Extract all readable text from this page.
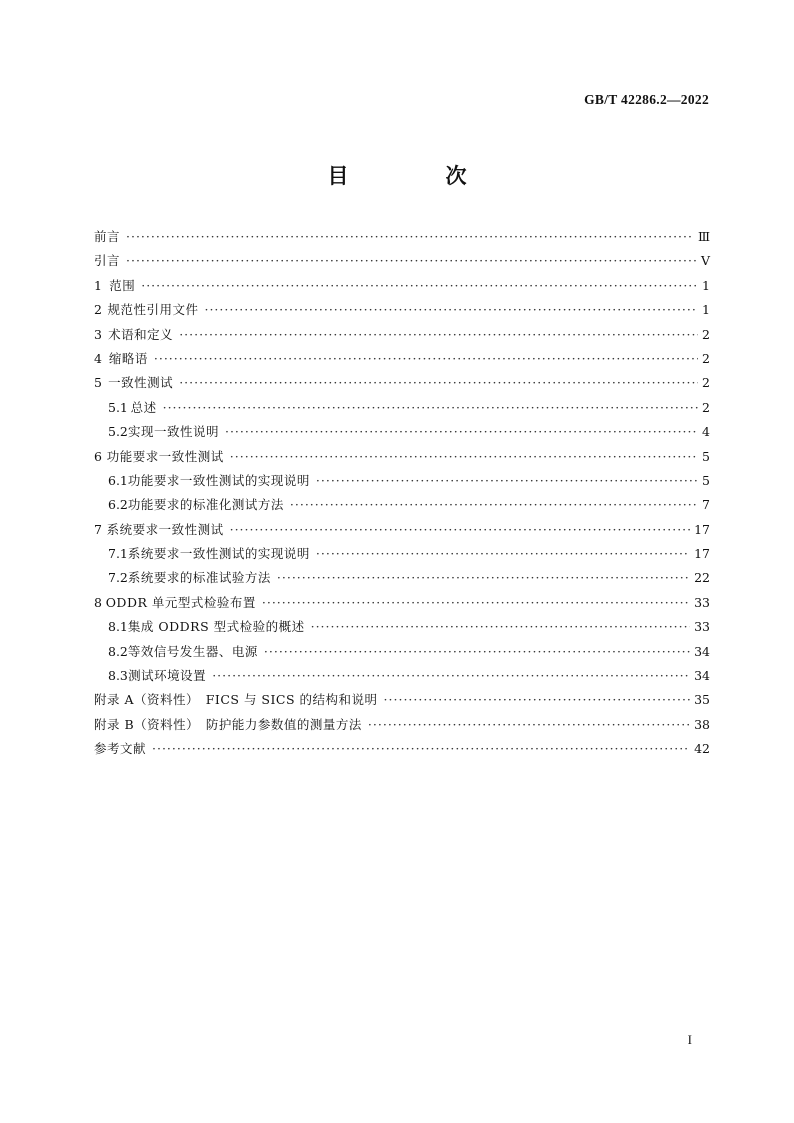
GB/T 42286.2—2022
目　次
前言 ·····	Ⅲ
引言 ·····	Ⅴ
1 范围 ·····	1
2 规范性引用文件 ·····	1
3 术语和定义 ·····	2
4 缩略语 ·····	2
5 一致性测试 ·····	2
5.1 总述 ·····	2
5.2 实现一致性说明 ·····	4
6 功能要求一致性测试 ·····	5
6.1 功能要求一致性测试的实现说明 ·····	5
6.2 功能要求的标准化测试方法 ·····	7
7 系统要求一致性测试 ·····	17
7.1 系统要求一致性测试的实现说明 ·····	17
7.2 系统要求的标准试验方法 ·····	22
8 ODDR 单元型式检验布置 ·····	33
8.1 集成 ODDRS 型式检验的概述 ·····	33
8.2 等效信号发生器、电源 ·····	34
8.3 测试环境设置 ·····	34
附录 A（资料性）　FICS 与 SICS 的结构和说明 ·····	35
附录 B（资料性）　防护能力参数值的测量方法 ·····	38
参考文献 ·····	42
I
